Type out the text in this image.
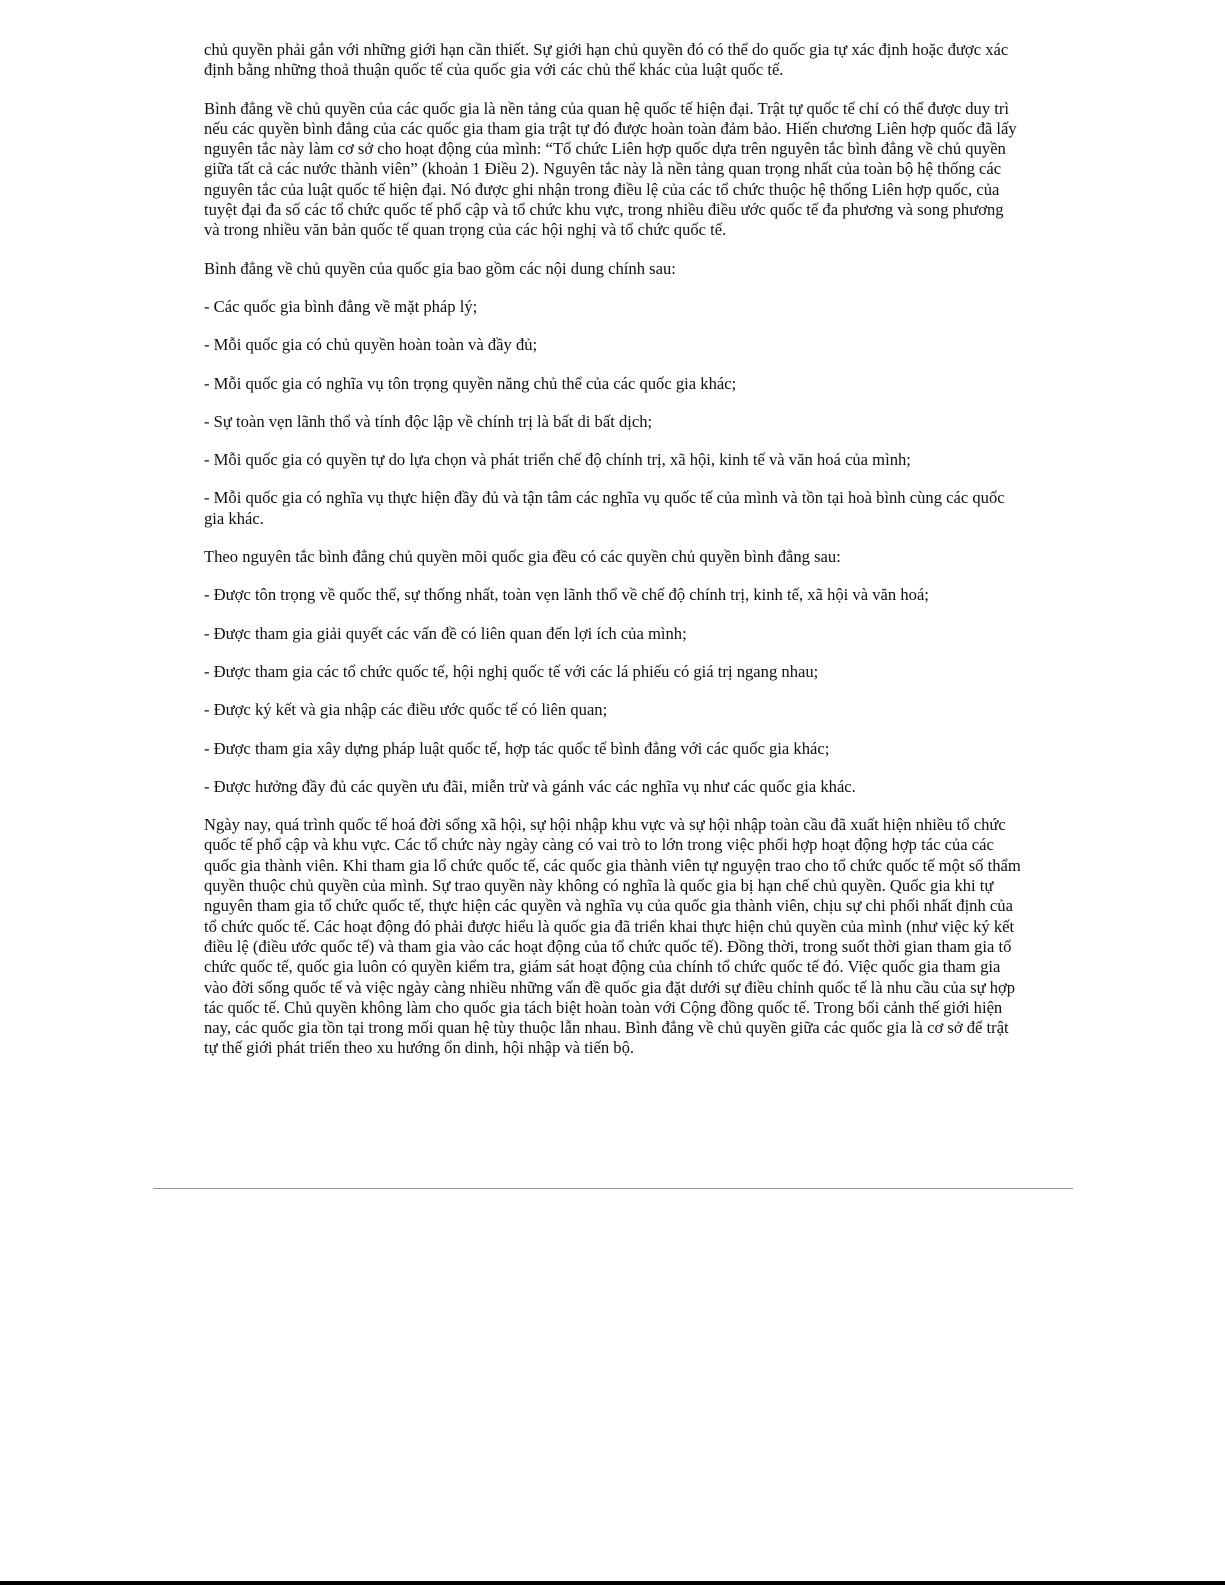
chủ quyền phải gắn với những giới hạn cần thiết. Sự giới hạn chủ quyền đó có thể do quốc gia tự xác định hoặc được xác định bằng những thoả thuận quốc tế của quốc gia với các chủ thể khác của luật quốc tế.

Bình đẳng về chủ quyền của các quốc gia là nền tảng của quan hệ quốc tế hiện đại. Trật tự quốc tế chỉ có thể được duy trì nếu các quyền bình đẳng của các quốc gia tham gia trật tự đó được hoàn toàn đảm bảo. Hiến chương Liên hợp quốc đã lấy nguyên tắc này làm cơ sở cho hoạt động của mình: “Tổ chức Liên hợp quốc dựa trên nguyên tắc bình đẳng về chủ quyền giữa tất cả các nước thành viên” (khoản 1 Điều 2). Nguyên tắc này là nền tảng quan trọng nhất của toàn bộ hệ thống các nguyên tắc của luật quốc tế hiện đại. Nó được ghi nhận trong điều lệ của các tổ chức thuộc hệ thống Liên hợp quốc, của tuyệt đại đa số các tổ chức quốc tế phổ cập và tổ chức khu vực, trong nhiều điều ước quốc tế đa phương và song phương và trong nhiều văn bản quốc tế quan trọng của các hội nghị và tổ chức quốc tế.

Bình đẳng về chủ quyền của quốc gia bao gồm các nội dung chính sau:

- Các quốc gia bình đẳng về mặt pháp lý;

- Mỗi quốc gia có chủ quyền hoàn toàn và đầy đủ;

- Mỗi quốc gia có nghĩa vụ tôn trọng quyền năng chủ thể của các quốc gia khác;

- Sự toàn vẹn lãnh thổ và tính độc lập về chính trị là bất di bất dịch;

- Mỗi quốc gia có quyền tự do lựa chọn và phát triển chế độ chính trị, xã hội, kinh tế và văn hoá của mình;

- Mỗi quốc gia có nghĩa vụ thực hiện đầy đủ và tận tâm các nghĩa vụ quốc tế của mình và tồn tại hoà bình cùng các quốc gia khác.

Theo nguyên tắc bình đẳng chủ quyền mõi quốc gia đều có các quyền chủ quyền bình đẳng sau:

- Được tôn trọng về quốc thể, sự thống nhất, toàn vẹn lãnh thổ về chế độ chính trị, kinh tế, xã hội và văn hoá;

- Được tham gia giải quyết các vấn đề có liên quan đến lợi ích của mình;

- Được tham gia các tổ chức quốc tế, hội nghị quốc tế với các lá phiếu có giá trị ngang nhau;

- Được ký kết và gia nhập các điều ước quốc tế có liên quan;

- Được tham gia xây dựng pháp luật quốc tế, hợp tác quốc tế bình đẳng với các quốc gia khác;

- Được hưởng đầy đủ các quyền ưu đãi, miễn trừ và gánh vác các nghĩa vụ như các quốc gia khác.

Ngày nay, quá trình quốc tế hoá đời sống xã hội, sự hội nhập khu vực và sự hội nhập toàn cầu đã xuất hiện nhiều tổ chức quốc tế phổ cập và khu vực. Các tổ chức này ngày càng có vai trò to lớn trong việc phối hợp hoạt động hợp tác của các quốc gia thành viên. Khi tham gia lổ chức quốc tế, các quốc gia thành viên tự nguyện trao cho tổ chức quốc tế một số thẩm quyền thuộc chủ quyền của mình. Sự trao quyền này không có nghĩa là quốc gia bị hạn chế chủ quyền. Quốc gia khi tự nguyên tham gia tổ chức quốc tế, thực hiện các quyền và nghĩa vụ của quốc gia thành viên, chịu sự chi phối nhất định của tổ chức quốc tế. Các hoạt động đó phải được hiểu là quốc gia đã triển khai thực hiện chủ quyền của mình (như việc ký kết điều lệ (điều ước quốc tế) và tham gia vào các hoạt động của tổ chức quốc tế). Đồng thời, trong suốt thời gian tham gia tổ chức quốc tế, quốc gia luôn có quyền kiểm tra, giám sát hoạt động của chính tổ chức quốc tế đó. Việc quốc gia tham gia vào đời sống quốc tế và việc ngày càng nhiều những vấn đề quốc gia đặt dưới sự điều chỉnh quốc tế là nhu cầu của sự hợp tác quốc tế. Chủ quyền không làm cho quốc gia tách biệt hoàn toàn với Cộng đồng quốc tế. Trong bối cảnh thế giới hiện nay, các quốc gia tồn tại trong mối quan hệ tùy thuộc lẫn nhau. Bình đẳng về chủ quyền giữa các quốc gia là cơ sở để trật tự thế giới phát triển theo xu hướng ổn dinh, hội nhập và tiến bộ.
